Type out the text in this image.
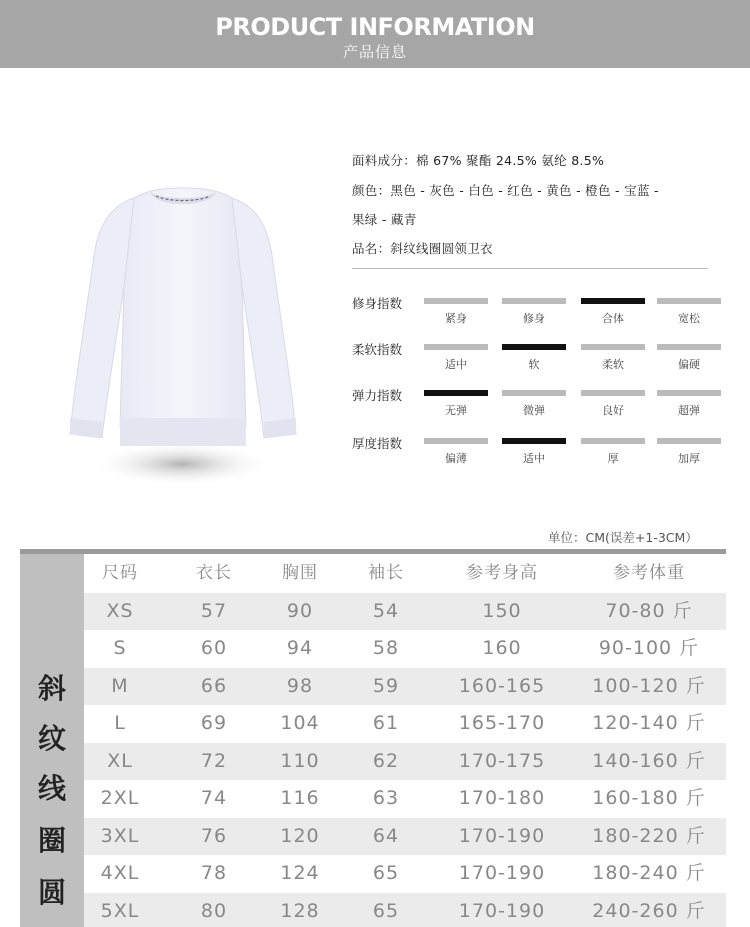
PRODUCT INFORMATION
产品信息
面料成分：棉 67% 聚酯 24.5% 氨纶 8.5%
颜色：黑色 - 灰色 - 白色 - 红色 - 黄色 - 橙色 - 宝蓝 -
果绿 - 藏青
品名：斜纹线圈圆领卫衣
修身指数
紧身	修身	合体	宽松
柔软指数
适中	软	柔软	偏硬
弹力指数
无弹	微弹	良好	超弹
厚度指数
偏薄	适中	厚	加厚
单位：CM(误差+1-3CM）
斜
纹
线
圈
圆
尺码	衣长	胸围	袖长	参考身高	参考体重
XS	57	90	54	150	70-80 斤
S	60	94	58	160	90-100 斤
M	66	98	59	160-165	100-120 斤
L	69	104	61	165-170	120-140 斤
XL	72	110	62	170-175	140-160 斤
2XL	74	116	63	170-180	160-180 斤
3XL	76	120	64	170-190	180-220 斤
4XL	78	124	65	170-190	180-240 斤
5XL	80	128	65	170-190	240-260 斤
